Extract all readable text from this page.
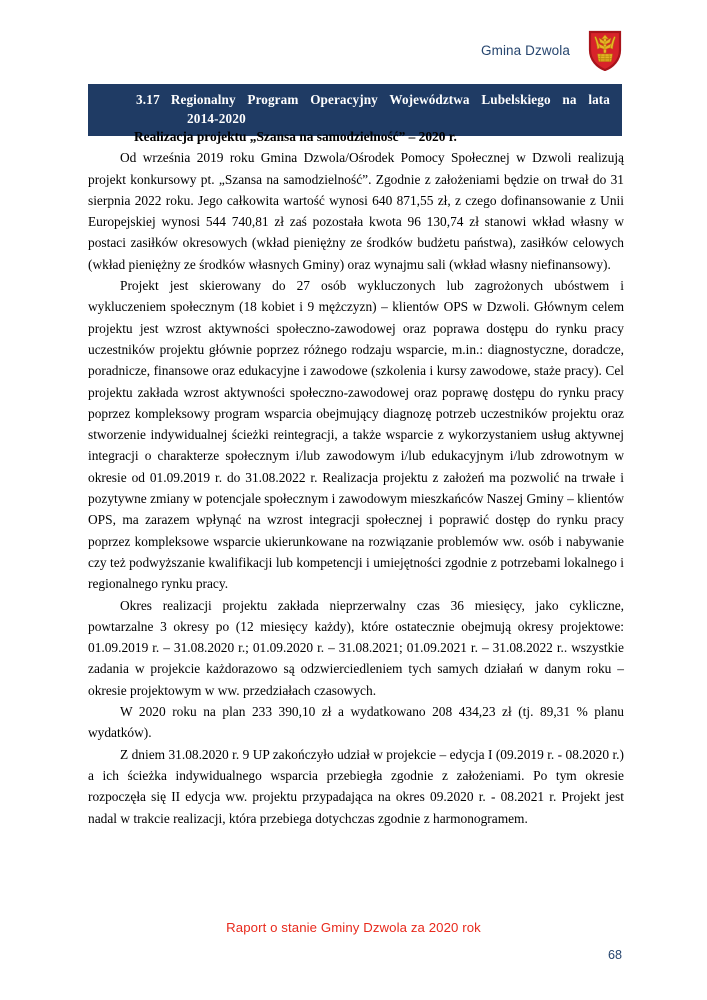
Gmina Dzwola
3.17 Regionalny Program Operacyjny Województwa Lubelskiego na lata
2014-2020

Realizacja projektu „Szansa na samodzielność” – 2020 r.

Od września 2019 roku Gmina Dzwola/Ośrodek Pomocy Społecznej w Dzwoli realizują projekt konkursowy pt. „Szansa na samodzielność”. Zgodnie z założeniami będzie on trwał do 31 sierpnia 2022 roku. Jego całkowita wartość wynosi 640 871,55 zł, z czego dofinansowanie z Unii Europejskiej wynosi 544 740,81 zł zaś pozostała kwota 96 130,74 zł stanowi wkład własny w postaci zasiłków okresowych (wkład pieniężny ze środków budżetu państwa), zasiłków celowych (wkład pieniężny ze środków własnych Gminy) oraz wynajmu sali (wkład własny niefinansowy).

Projekt jest skierowany do 27 osób wykluczonych lub zagrożonych ubóstwem i wykluczeniem społecznym (18 kobiet i 9 mężczyzn) – klientów OPS w Dzwoli. Głównym celem projektu jest wzrost aktywności społeczno-zawodowej oraz poprawa dostępu do rynku pracy uczestników projektu głównie poprzez różnego rodzaju wsparcie, m.in.: diagnostyczne, doradcze, poradnicze, finansowe oraz edukacyjne i zawodowe (szkolenia i kursy zawodowe, staże pracy). Cel projektu zakłada wzrost aktywności społeczno-zawodowej oraz poprawę dostępu do rynku pracy poprzez kompleksowy program wsparcia obejmujący diagnozę potrzeb uczestników projektu oraz stworzenie indywidualnej ścieżki reintegracji, a także wsparcie z wykorzystaniem usług aktywnej integracji o charakterze społecznym i/lub zawodowym i/lub edukacyjnym i/lub zdrowotnym w okresie od 01.09.2019 r. do 31.08.2022 r. Realizacja projektu z założeń ma pozwolić na trwałe i pozytywne zmiany w potencjale społecznym i zawodowym mieszkańców Naszej Gminy – klientów OPS, ma zarazem wpłynąć na wzrost integracji społecznej i poprawić dostęp do rynku pracy poprzez kompleksowe wsparcie ukierunkowane na rozwiązanie problemów ww. osób i nabywanie czy też podwyższanie kwalifikacji lub kompetencji i umiejętności zgodnie z potrzebami lokalnego i regionalnego rynku pracy.

Okres realizacji projektu zakłada nieprzerwalny czas 36 miesięcy, jako cykliczne, powtarzalne 3 okresy po (12 miesięcy każdy), które ostatecznie obejmują okresy projektowe: 01.09.2019 r. – 31.08.2020 r.; 01.09.2020 r. – 31.08.2021; 01.09.2021 r. – 31.08.2022 r.. wszystkie zadania w projekcie każdorazowo są odzwierciedleniem tych samych działań w danym roku – okresie projektowym w ww. przedziałach czasowych.

W 2020 roku na plan 233 390,10 zł a wydatkowano 208 434,23 zł (tj. 89,31 % planu wydatków).

Z dniem 31.08.2020 r. 9 UP zakończyło udział w projekcie – edycja I (09.2019 r. - 08.2020 r.) a ich ścieżka indywidualnego wsparcia przebiegła zgodnie z założeniami. Po tym okresie rozpoczęła się II edycja ww. projektu przypadająca na okres 09.2020 r. - 08.2021 r. Projekt jest nadal w trakcie realizacji, która przebiega dotychczas zgodnie z harmonogramem.

Raport o stanie Gminy Dzwola za 2020 rok
68
